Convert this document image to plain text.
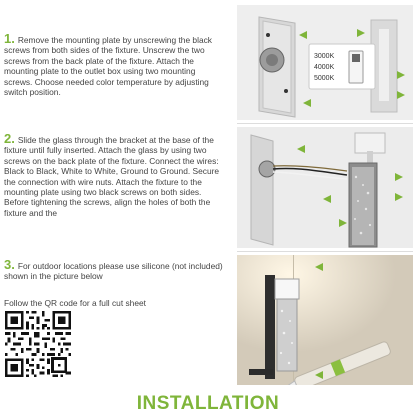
1. Remove the mounting plate by unscrewing the black screws from both sides of the fixture. Unscrew the two screws from the back plate of the fixture. Attach the mounting plate to the outlet box using two mounting screws. Choose needed color temperature by adjusting switch position.
2. Slide the glass through the bracket at the base of the fixture until fully inserted. Attach the glass by using two screws on the back plate of the fixture. Connect the wires: Black to Black, White to White, Ground to Ground. Secure the connection with wire nuts. Attach the fixture to the mounting plate using two black screws on both sides. Before tightening the screws, align the holes of both the fixture and the
3. For outdoor locations please use silicone (not included) shown in the picture below
Follow the QR code for a full cut sheet
3000K
4000K
5000K
INSTALLATION
